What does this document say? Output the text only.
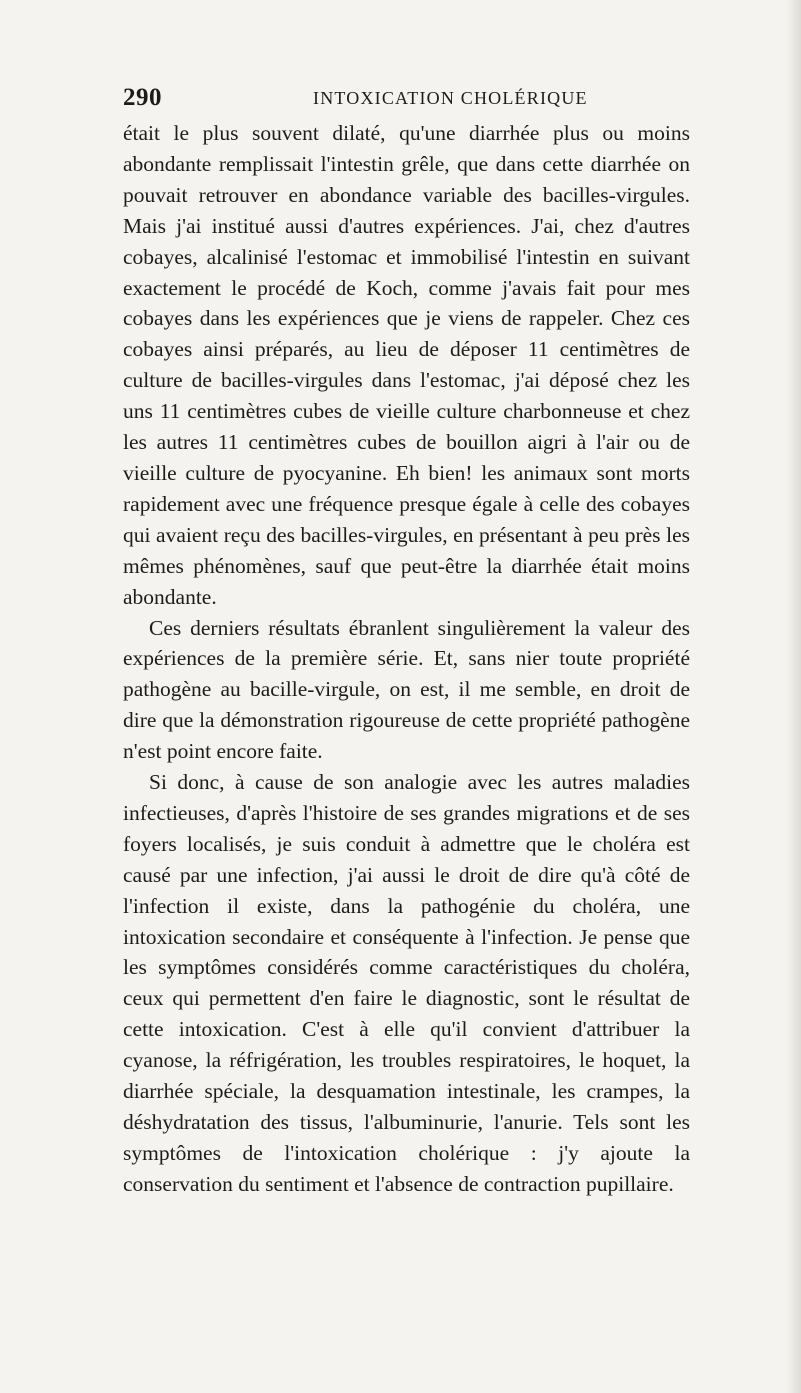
290	INTOXICATION CHOLÉRIQUE

était le plus souvent dilaté, qu'une diarrhée plus ou moins abondante remplissait l'intestin grêle, que dans cette diarrhée on pouvait retrouver en abondance variable des bacilles-virgules. Mais j'ai institué aussi d'autres expériences. J'ai, chez d'autres cobayes, alcalinisé l'estomac et immobilisé l'intestin en suivant exactement le procédé de Koch, comme j'avais fait pour mes cobayes dans les expériences que je viens de rappeler. Chez ces cobayes ainsi préparés, au lieu de déposer 11 centimètres de culture de bacilles-virgules dans l'estomac, j'ai déposé chez les uns 11 centimètres cubes de vieille culture charbonneuse et chez les autres 11 centimètres cubes de bouillon aigri à l'air ou de vieille culture de pyocyanine. Eh bien! les animaux sont morts rapidement avec une fréquence presque égale à celle des cobayes qui avaient reçu des bacilles-virgules, en présentant à peu près les mêmes phénomènes, sauf que peut-être la diarrhée était moins abondante.

Ces derniers résultats ébranlent singulièrement la valeur des expériences de la première série. Et, sans nier toute propriété pathogène au bacille-virgule, on est, il me semble, en droit de dire que la démonstration rigoureuse de cette propriété pathogène n'est point encore faite.

Si donc, à cause de son analogie avec les autres maladies infectieuses, d'après l'histoire de ses grandes migrations et de ses foyers localisés, je suis conduit à admettre que le choléra est causé par une infection, j'ai aussi le droit de dire qu'à côté de l'infection il existe, dans la pathogénie du choléra, une intoxication secondaire et conséquente à l'infection. Je pense que les symptômes considérés comme caractéristiques du choléra, ceux qui permettent d'en faire le diagnostic, sont le résultat de cette intoxication. C'est à elle qu'il convient d'attribuer la cyanose, la réfrigération, les troubles respiratoires, le hoquet, la diarrhée spéciale, la desquamation intestinale, les crampes, la déshydratation des tissus, l'albuminurie, l'anurie. Tels sont les symptômes de l'intoxication cholérique : j'y ajoute la conservation du sentiment et l'absence de contraction pupillaire.
